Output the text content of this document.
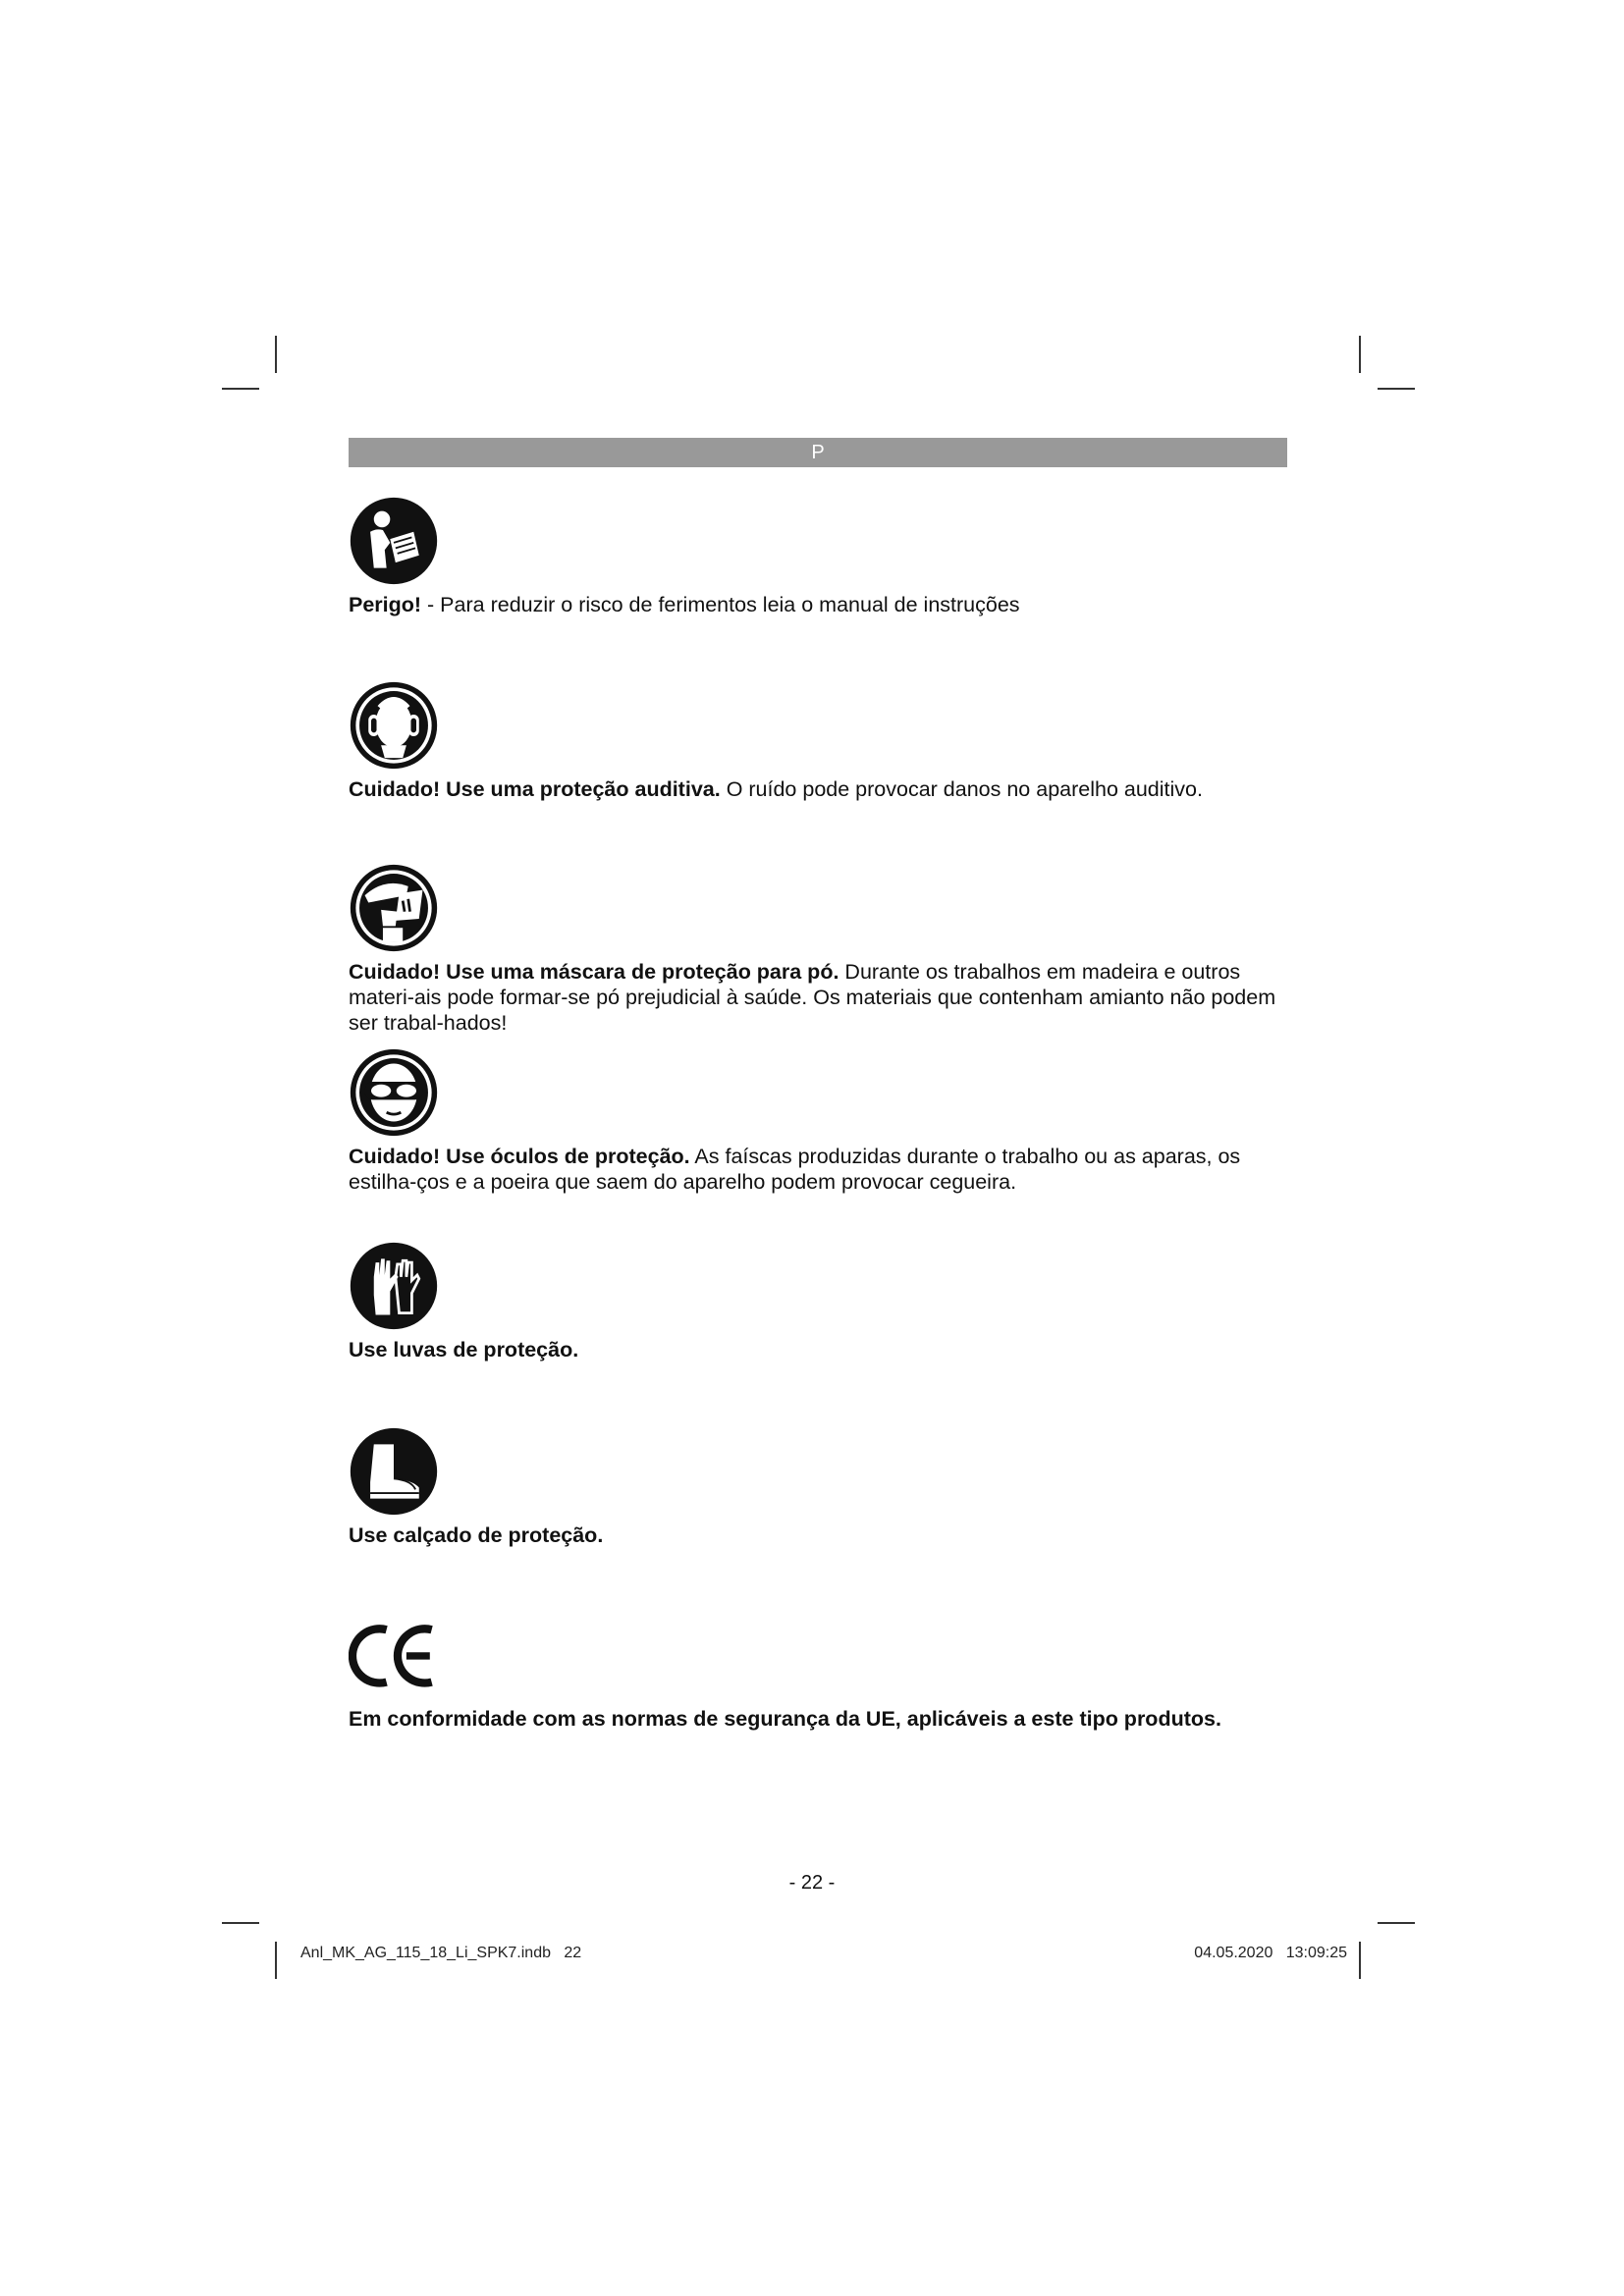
P
Perigo! - Para reduzir o risco de ferimentos leia o manual de instruções
Cuidado! Use uma proteção auditiva. O ruído pode provocar danos no aparelho auditivo.
Cuidado! Use uma máscara de proteção para pó. Durante os trabalhos em madeira e outros materi-ais pode formar-se pó prejudicial à saúde. Os materiais que contenham amianto não podem ser trabal-hados!
Cuidado! Use óculos de proteção. As faíscas produzidas durante o trabalho ou as aparas, os estilha-ços e a poeira que saem do aparelho podem provocar cegueira.
Use luvas de proteção.
Use calçado de proteção.
Em conformidade com as normas de segurança da UE, aplicáveis a este tipo produtos.
- 22 -
Anl_MK_AG_115_18_Li_SPK7.indb   22	04.05.2020   13:09:25
